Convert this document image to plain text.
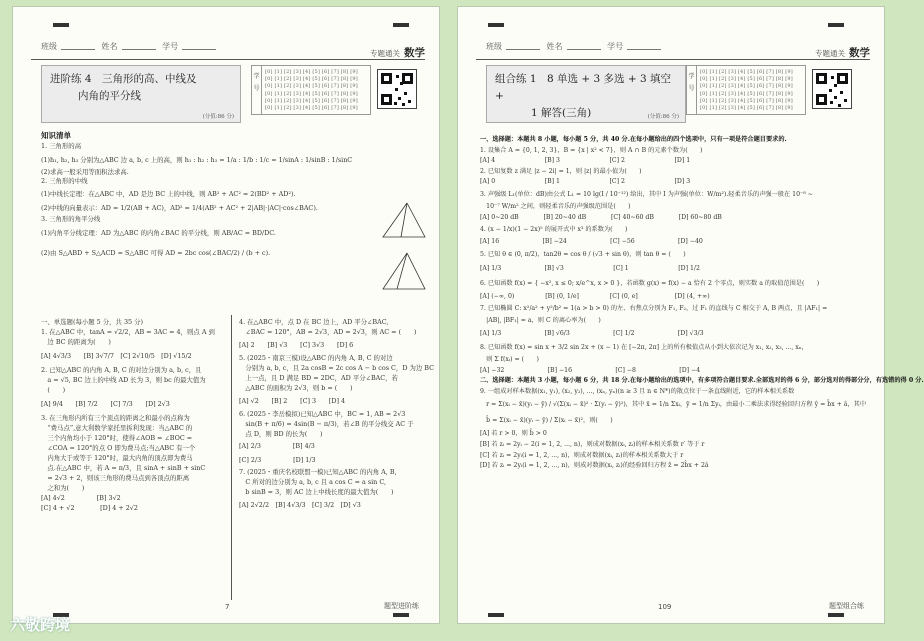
班级	姓名	学号
专题通关 数学
进阶练 4　三角形的高、中线及
内角的平分线
(分值:86 分)
学号
[0] [1] [2] [3] [4] [5] [6] [7] [8] [9]
[0] [1] [2] [3] [4] [5] [6] [7] [8] [9]
[0] [1] [2] [3] [4] [5] [6] [7] [8] [9]
[0] [1] [2] [3] [4] [5] [6] [7] [8] [9]
[0] [1] [2] [3] [4] [5] [6] [7] [8] [9]
[0] [1] [2] [3] [4] [5] [6] [7] [8] [9]
知识清单
1. 三角形的高
(1)h₁, h₂, h₃ 分别为△ABC 边 a, b, c 上的高，则 h₁ : h₂ : h₃ = 1/a : 1/b : 1/c = 1/sinA : 1/sinB : 1/sinC
(2)求高一般采用等面积法求高.
2. 三角形的中线
(1)中线长定理：在△ABC 中，AD 是边 BC 上的中线，则 AB² + AC² = 2(BD² + AD²).
(2)中线的向量表示：AD = 1/2(AB + AC)，AD² = 1/4(AB² + AC² + 2|AB|·|AC|·cos∠BAC).
3. 三角形的角平分线
(1)内角平分线定理：AD 为△ABC 的内角∠BAC 的平分线，则 AB/AC = BD/DC.
(2)由 S△ABD + S△ACD = S△ABC 可得 AD = 2bc cos(∠BAC/2) / (b + c).
一、单选题(每小题 5 分，共 35 分)
1. 在△ABC 中，tanA = √2/2，AB = 3AC = 4，则点 A 到
　边 BC 的距离为(　　)
[A] 4√3/3　　[B] 3√7/7　[C] 2√10/5　[D] √15/2
2. 已知△ABC 的内角 A, B, C 的对边分别为 a, b, c，且
　a = √5, BC 边上的中线 AD 长为 3，则 bc 的最大值为
　(　　)
[A] 9/4　　[B] 7/2　　[C] 7/3　　[D] 2√3
3. 在三角形内所有三个顶点的距离之和最小的点称为
　“费马点”,意大利数学家托里拆利发现：当△ABC 的
　三个内角均小于 120°时，使得∠AOB = ∠BOC =
　∠COA = 120°的点 O 即为费马点;当△ABC 有一个
　内角大于或等于 120°时，最大内角的顶点即为费马
　点.在△ABC 中，若 A = π/3，且 sinA + sinB + sinC
　= 2√3 + 2，则该三角形的费马点到各顶点的距离
　之和为(　　)
[A] 4√2　　　　　[B] 3√2
[C] 4 + √2　　　　[D] 4 + 2√2
4. 在△ABC 中，点 D 在 BC 边上，AD 平分∠BAC,
　∠BAC = 120°，AB = 2√3，AD = 2√3，则 AC = (　　)
[A] 2　　[B] √3　　[C] 3√3　　[D] 6
5. (2025・南京三模)设△ABC 的内角 A, B, C 的对边
　分别为 a, b, c，且 2a cosB = 2c cos A − b cos C，D 为边 BC
　上一点，且 D 满足 BD = 2DC，AD 平分∠BAC，若
　△ABC 的面积为 2√3，则 b = (　　)
[A] √2　　[B] 2　　[C] 3　　[D] 4
6. (2025・李岳模拟)已知△ABC 中，BC = 1, AB = 2√3
　sin(B + π/6) = 4sin(B − π/3)，若∠B 的平分线交 AC 于
　点 D，则 BD 的长为(　　)
[A] 2/3　　　　　[B] 4/3
[C] 2/3　　　　　[D] 1/3
7. (2025・重庆名校联盟一模)已知△ABC 的内角 A, B,
　C 所对的边分别为 a, b, c 且 a cos C = a sin C,
　b sinB = 3，则 AC 边上中线长度的最大值为(　　)
[A] 2√2/2　[B] 4√3/3　[C] 3/2　[D] √3
7	题型进阶练
班级	姓名	学号
专题通关 数学
组合练 1　8 单选 + 3 多选 + 3 填空 +
1 解答(三角)	(分值:86 分)
学号
[0] [1] [2] [3] [4] [5] [6] [7] [8] [9]
[0] [1] [2] [3] [4] [5] [6] [7] [8] [9]
[0] [1] [2] [3] [4] [5] [6] [7] [8] [9]
[0] [1] [2] [3] [4] [5] [6] [7] [8] [9]
[0] [1] [2] [3] [4] [5] [6] [7] [8] [9]
[0] [1] [2] [3] [4] [5] [6] [7] [8] [9]
一、选择题：本题共 8 小题，每小题 5 分，共 40 分.在每小题给出的四个选项中，只有一项是符合题目要求的.
1. 设集合 A = {0, 1, 2, 3}，B = {x | x² < 7}，则 A ∩ B 的元素个数为(　　)
[A] 4　　　　　　　　[B] 3　　　　　　　　[C] 2　　　　　　　　[D] 1
2. 已知复数 z 满足 |z − 2i| = 1，则 |z| 的最小值为(　　)
[A] 0　　　　　　　　[B] 1　　　　　　　　[C] 2　　　　　　　　[D] 3
3. 声强级 L₁(单位：dB)由公式 L₁ = 10 lg(I / 10⁻¹²) 给出，其中 I 为声强(单位：W/m²).轻柔音乐的声强一般在 10⁻⁸ ~
　10⁻⁷ W/m² 之间，则轻柔音乐的声强级范围是(　　)
[A] 0~20 dB　　　　[B] 20~40 dB　　　　[C] 40~60 dB　　　　[D] 60~80 dB
4. (x − 1/x)(1 − 2x)⁵ 的展开式中 x³ 的系数为(　　)
[A] 16　　　　　　　[B] −24　　　　　　　[C] −56　　　　　　　[D] −40
5. 已知 θ ∈ (0, π/2)，tan2θ = cos θ / (√3 + sin θ)，则 tan θ = (　　)
[A] 1/3　　　　　　　[B] √3　　　　　　　　[C] 1　　　　　　　　[D] 1/2
6. 已知函数 f(x) = { −x², x ≤ 0; x/e^x, x > 0 }，若函数 g(x) = f(x) − a 恰有 2 个零点，则实数 a 的取值范围是(　　)
[A] (−∞, 0)　　　　　[B] (0, 1/e]　　　　　[C] (0, e]　　　　　　[D] (4, +∞)
7. 已知椭圆 C: x²/a² + y²/b² = 1(a > b > 0) 的左、右焦点分别为 F₁, F₂，过 F₁ 的直线与 C 相交于 A, B 两点，且 |AF₁| =
　|AB|, |BF₁| = a，则 C 的离心率为(　　)
[A] 1/3　　　　　　　[B] √6/3　　　　　　　[C] 1/2　　　　　　　[D] √3/3
8. 已知函数 f(x) = sin x + 3/2 sin 2x + (x − 1) 在 [−2π, 2π] 上的所有极值点从小到大依次记为 x₁, x₂, x₃, ..., xₙ，
　则 Σ f(xᵢ) = (　　)
[A] −32　　　　　　　[B] −16　　　　　　　[C] −8　　　　　　　[D] −4
二、选择题：本题共 3 小题，每小题 6 分，共 18 分.在每小题给出的选项中，有多项符合题目要求.全部选对的得 6 分，部分选对的得部分分，有选错的得 0 分.
9. 一组成对样本数据(x₁, y₁), (x₂, y₂), ..., (xₙ, yₙ)(n ≥ 3 且 n ∈ N*)的散点位于一条直线附近，它的样本相关系数
　r = Σ(xᵢ − x̄)(yᵢ − ȳ) / √(Σ(xᵢ − x̄)² · Σ(yᵢ − ȳ)²)，其中 x̄ = 1/n Σxᵢ，ȳ = 1/n Σyᵢ，由最小二乘法求得经验回归方程 ŷ = b̂x + â，其中
　b̂ = Σ(xᵢ − x̄)(yᵢ − ȳ) / Σ(xᵢ − x̄)²，则(　　)
[A] 若 r > 0，则 b̂ > 0
[B] 若 zᵢ = 2yᵢ − 2(i = 1, 2, ..., n)，则成对数据(xᵢ, zᵢ)的样本相关系数 r′ 等于 r
[C] 若 zᵢ = 2yᵢ(i = 1, 2, ..., n)，则成对数据(xᵢ, zᵢ)的样本相关系数大于 r
[D] 若 zᵢ = 2yᵢ(i = 1, 2, ..., n)，则成对数据(xᵢ, zᵢ)的经验回归方程 ẑ = 2b̂x + 2â
109	题型组合练
六敬跨境
